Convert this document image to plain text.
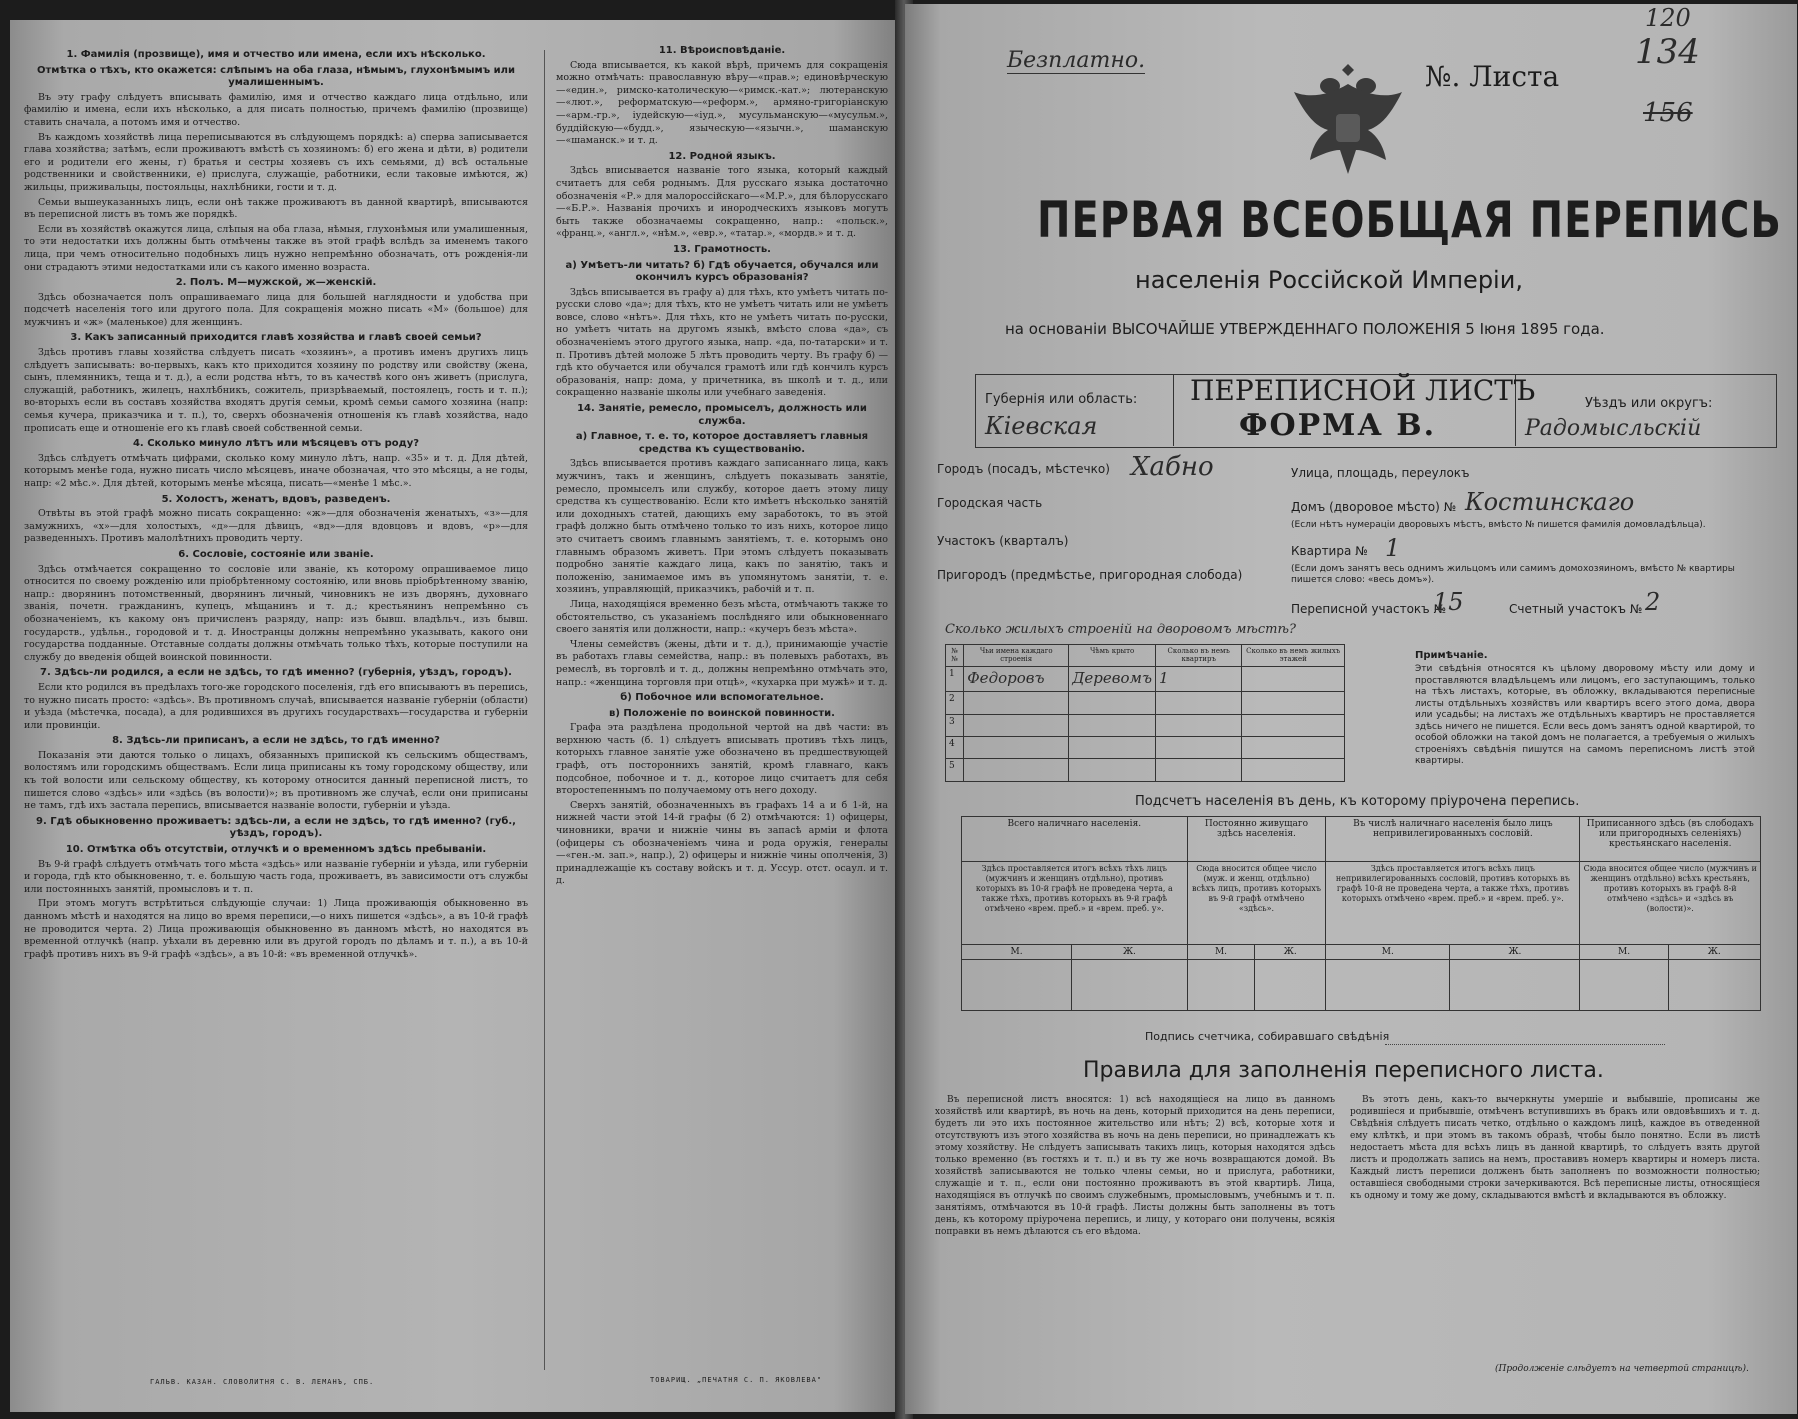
1. Фамилія (прозвище), имя и отчество или имена, если ихъ нѣсколько.
Отмѣтка о тѣхъ, кто окажется: слѣпымъ на оба глаза, нѣмымъ, глухонѣмымъ или умалишеннымъ.

Въ эту графу слѣдуетъ вписывать фамилію, имя и отчество каждаго лица отдѣльно, или фамилію и имена, если ихъ нѣсколько, а для писать полностью, причемъ фамилію (прозвище) ставить сначала, а потомъ имя и отчество.

Въ каждомъ хозяйствѣ лица переписываются въ слѣдующемъ порядкѣ: а) сперва записывается глава хозяйства; затѣмъ, если проживаютъ вмѣстѣ съ хозяиномъ: б) его жена и дѣти, в) родители его и родители его жены, г) братья и сестры хозяевъ съ ихъ семьями, д) всѣ остальные родственники и свойственники, е) прислуга, служащіе, работники, если таковые имѣются, ж) жильцы, приживальцы, постояльцы, нахлѣбники, гости и т. д.

Семьи вышеуказанныхъ лицъ, если онѣ также проживаютъ въ данной квартирѣ, вписываются въ переписной листъ въ томъ же порядкѣ.

Если въ хозяйствѣ окажутся лица, слѣпыя на оба глаза, нѣмыя, глухонѣмыя или умалишенныя, то эти недостатки ихъ должны быть отмѣчены также въ этой графѣ вслѣдъ за именемъ такого лица, при чемъ относительно подобныхъ лицъ нужно непремѣнно обозначать, отъ рожденія-ли они страдаютъ этими недостатками или съ какого именно возраста.

2. Полъ. М—мужской, ж—женскій.

Здѣсь обозначается полъ опрашиваемаго лица для большей наглядности и удобства при подсчетѣ населенія того или другого пола. Для сокращенія можно писать «М» (большое) для мужчинъ и «ж» (маленькое) для женщинъ.

3. Какъ записанный приходится главѣ хозяйства и главѣ своей семьи?

Здѣсь противъ главы хозяйства слѣдуетъ писать «хозяинъ», а противъ именъ другихъ лицъ слѣдуетъ записывать: во-первыхъ, какъ кто приходится хозяину по родству или свойству (жена, сынъ, племянникъ, теща и т. д.), а если родства нѣтъ, то въ качествѣ кого онъ живетъ (прислуга, служащій, работникъ, жилецъ, нахлѣбникъ, сожитель, призрѣваемый, постоялецъ, гость и т. п.); во-вторыхъ если въ составъ хозяйства входятъ другія семьи, кромѣ семьи самого хозяина (напр: семья кучера, приказчика и т. п.), то, сверхъ обозначенія отношенія къ главѣ хозяйства, надо прописать еще и отношеніе его къ главѣ своей собственной семьи.

4. Сколько минуло лѣтъ или мѣсяцевъ отъ роду?

Здѣсь слѣдуетъ отмѣчать цифрами, сколько кому минуло лѣтъ, напр. «35» и т. д. Для дѣтей, которымъ менѣе года, нужно писать число мѣсяцевъ, иначе обозначая, что это мѣсяцы, а не годы, напр: «2 мѣс.». Для дѣтей, которымъ менѣе мѣсяца, писать—«менѣе 1 мѣс.».

5. Холостъ, женатъ, вдовъ, разведенъ.

Отвѣты въ этой графѣ можно писать сокращенно: «ж»—для обозначенія женатыхъ, «з»—для замужнихъ, «х»—для холостыхъ, «д»—для дѣвицъ, «вд»—для вдовцовъ и вдовъ, «р»—для разведенныхъ. Противъ малолѣтнихъ проводить черту.

6. Сословіе, состояніе или званіе.

Здѣсь отмѣчается сокращенно то сословіе или званіе, къ которому опрашиваемое лицо относится по своему рожденію или пріобрѣтенному состоянію, или вновь пріобрѣтенному званію, напр.: дворянинъ потомственный, дворянинъ личный, чиновникъ не изъ дворянъ, духовнаго званія, почетн. гражданинъ, купецъ, мѣщанинъ и т. д.; крестьянинъ непремѣнно съ обозначеніемъ, къ какому онъ причисленъ разряду, напр: изъ бывш. владѣльч., изъ бывш. государств., удѣльн., городовой и т. д. Иностранцы должны непремѣнно указывать, какого они государства подданные. Отставные солдаты должны отмѣчать только тѣхъ, которые поступили на службу до введенія общей воинской повинности.

7. Здѣсь-ли родился, а если не здѣсь, то гдѣ именно? (губернія, уѣздъ, городъ).

Если кто родился въ предѣлахъ того-же городского поселенія, гдѣ его вписываютъ въ перепись, то нужно писать просто: «здѣсь». Въ противномъ случаѣ, вписывается названіе губерніи (области) и уѣзда (мѣстечка, посада), а для родившихся въ другихъ государствахъ—государства и губерніи или провинціи.

8. Здѣсь-ли приписанъ, а если не здѣсь, то гдѣ именно?

Показанія эти даются только о лицахъ, обязанныхъ припиской къ сельскимъ обществамъ, волостямъ или городскимъ обществамъ. Если лица приписаны къ тому городскому обществу, или къ той волости или сельскому обществу, къ которому относится данный переписной листъ, то пишется слово «здѣсь» или «здѣсь (въ волости)»; въ противномъ же случаѣ, если они приписаны не тамъ, гдѣ ихъ застала перепись, вписывается названіе волости, губерніи и уѣзда.

9. Гдѣ обыкновенно проживаетъ: здѣсь-ли, а если не здѣсь, то гдѣ именно? (губ., уѣздъ, городъ).
10. Отмѣтка объ отсутствіи, отлучкѣ и о временномъ здѣсь пребываніи.

Въ 9-й графѣ слѣдуетъ отмѣчать того мѣста «здѣсь» или названіе губерніи и уѣзда, или губерніи и города, гдѣ кто обыкновенно, т. е. большую часть года, проживаетъ, въ зависимости отъ службы или постоянныхъ занятій, промысловъ и т. п.

При этомъ могутъ встрѣтиться слѣдующіе случаи: 1) Лица проживающія обыкновенно въ данномъ мѣстѣ и находятся на лицо во время переписи,—о нихъ пишется «здѣсь», а въ 10-й графѣ не проводится черта. 2) Лица проживающія обыкновенно въ данномъ мѣстѣ, но находятся въ временной отлучкѣ (напр. уѣхали въ деревню или въ другой городъ по дѣламъ и т. п.), а въ 10-й графѣ противъ нихъ въ 9-й графѣ «здѣсь», а въ 10-й: «въ временной отлучкѣ».

11. Вѣроисповѣданіе.

Сюда вписывается, къ какой вѣрѣ, причемъ для сокращенія можно отмѣчать: православную вѣру—«прав.»; единовѣрческую—«един.», римско-католическую—«римск.-кат.»; лютеранскую—«лют.», реформатскую—«реформ.», армяно-григоріанскую—«арм.-гр.», іудейскую—«іуд.», мусульманскую—«мусульм.», буддійскую—«будд.», языческую—«язычн.», шаманскую—«шаманск.» и т. д.

12. Родной языкъ.

Здѣсь вписывается названіе того языка, который каждый считаетъ для себя роднымъ. Для русскаго языка достаточно обозначенія «Р.» для малороссійскаго—«М.Р.», для бѣлорусскаго—«Б.Р.». Названія прочихъ и инородческихъ языковъ могутъ быть также обозначаемы сокращенно, напр.: «польск.», «франц.», «англ.», «нѣм.», «евр.», «татар.», «мордв.» и т. д.

13. Грамотность.
а) Умѣетъ-ли читать? б) Гдѣ обучается, обучался или окончилъ курсъ образованія?

Здѣсь вписывается въ графу а) для тѣхъ, кто умѣетъ читать по-русски слово «да»; для тѣхъ, кто не умѣетъ читать или не умѣетъ вовсе, слово «нѣтъ». Для тѣхъ, кто не умѣетъ читать по-русски, но умѣетъ читать на другомъ языкѣ, вмѣсто слова «да», съ обозначеніемъ этого другого языка, напр. «да, по-татарски» и т. п. Противъ дѣтей моложе 5 лѣтъ проводить черту. Въ графу б) — гдѣ кто обучается или обучался грамотѣ или гдѣ кончилъ курсъ образованія, напр: дома, у причетника, въ школѣ и т. д., или сокращенно названіе школы или учебнаго заведенія.

14. Занятіе, ремесло, промыселъ, должность или служба.
а) Главное, т. е. то, которое доставляетъ главныя средства къ существованію.

Здѣсь вписывается противъ каждаго записаннаго лица, какъ мужчинъ, такъ и женщинъ, слѣдуетъ показывать занятіе, ремесло, промыселъ или службу, которое даетъ этому лицу средства къ существованію. Если кто имѣетъ нѣсколько занятій или доходныхъ статей, дающихъ ему заработокъ, то въ этой графѣ должно быть отмѣчено только то изъ нихъ, которое лицо это считаетъ своимъ главнымъ занятіемъ, т. е. которымъ оно главнымъ образомъ живетъ. При этомъ слѣдуетъ показывать подробно занятіе каждаго лица, какъ по занятію, такъ и положенію, занимаемое имъ въ упомянутомъ занятіи, т. е. хозяинъ, управляющій, приказчикъ, рабочій и т. п.

Лица, находящіяся временно безъ мѣста, отмѣчаютъ также то обстоятельство, съ указаніемъ послѣдняго или обыкновеннаго своего занятія или должности, напр.: «кучеръ безъ мѣста».

Члены семействъ (жены, дѣти и т. д.), принимающіе участіе въ работахъ главы семейства, напр.: въ полевыхъ работахъ, въ ремеслѣ, въ торговлѣ и т. д., должны непремѣнно отмѣчать это, напр.: «женщина торговля при отцѣ», «кухарка при мужѣ» и т. д.

б) Побочное или вспомогательное.
в) Положеніе по воинской повинности.

Графа эта раздѣлена продольной чертой на двѣ части: въ верхнюю часть (б. 1) слѣдуетъ вписывать противъ тѣхъ лицъ, которыхъ главное занятіе уже обозначено въ предшествующей графѣ, отъ постороннихъ занятій, кромѣ главнаго, какъ подсобное, побочное и т. д., которое лицо считаетъ для себя второстепеннымъ по получаемому отъ него доходу.

Сверхъ занятій, обозначенныхъ въ графахъ 14 а и б 1-й, на нижней части этой 14-й графы (б 2) отмѣчаются: 1) офицеры, чиновники, врачи и нижніе чины въ запасѣ арміи и флота (офицеры съ обозначеніемъ чина и рода оружія, генералы—«ген.-м. зап.», напр.), 2) офицеры и нижніе чины ополченія, 3) принадлежащіе къ составу войскъ и т. д. Уссур. отст. осаул. и т. д.

ГАЛЬВ. КАЗАН. СЛОВОЛИТНЯ С. В. ЛЕМАНЪ, СПБ.	ТОВАРИЩ. „ПЕЧАТНЯ С. П. ЯКОВЛЕВА"
Безплатно.	№. Листа
134
156
120
ПЕРВАЯ ВСЕОБЩАЯ ПЕРЕПИСЬ
населенія Россійской Имперіи,
на основаніи ВЫСОЧАЙШЕ УТВЕРЖДЕННАГО ПОЛОЖЕНІЯ 5 Іюня 1895 года.
Губернія или область:
Кіевская
ПЕРЕПИСНОЙ ЛИСТЪ
ФОРМА В.
Уѣздъ или округъ:
Радомысльскій
Городъ (посадъ, мѣстечко) Хабно
Городская часть
Участокъ (кварталъ)
Пригородъ (предмѣстье, пригородная слобода)
Улица, площадь, переулокъ
Домъ (дворовое мѣсто) № Костинскаго
(Если нѣтъ нумераціи дворовыхъ мѣстъ, вмѣсто № пишется фамилія домовладѣльца).
Квартира № 1
(Если домъ занятъ весь однимъ жильцомъ или самимъ домохозяиномъ, вмѣсто № квартиры пишется слово: «весь домъ»).
Переписной участокъ №
15	Счетный участокъ № 2
Сколько жилыхъ строеній на дворовомъ мѣстѣ?
№№	Чьи имена каждаго строенія	Чѣмъ крыто	Сколько въ немъ квартиръ	Сколько въ немъ жилыхъ этажей
1	Федоровъ	Деревомъ	1	
2				
3				
4				
5				
Примѣчаніе.
Эти свѣдѣнія относятся къ цѣлому дворовому мѣсту или дому и проставляются владѣльцемъ или лицомъ, его заступающимъ, только на тѣхъ листахъ, которые, въ обложку, вкладываются переписные листы отдѣльныхъ хозяйствъ или квартиръ всего этого дома, двора или усадьбы; на листахъ же отдѣльныхъ квартиръ не проставляется здѣсь ничего не пишется. Если весь домъ занятъ одной квартирой, то особой обложки на такой домъ не полагается, а требуемыя о жилыхъ строеніяхъ свѣдѣнія пишутся на самомъ переписномъ листѣ этой квартиры.
Подсчетъ населенія въ день, къ которому пріурочена перепись.
Всего наличнаго населенія.		Постоянно живущаго здѣсь населенія.		Въ числѣ наличнаго населенія было лицъ непривилегированныхъ сословій.		Приписанного здѣсь (въ слободахъ или пригородныхъ селеніяхъ) крестьянскаго населенія.	
Здѣсь проставляется итогъ всѣхъ тѣхъ лицъ (мужчинъ и женщинъ отдѣльно), противъ которыхъ въ 10-й графѣ не проведена черта, а также тѣхъ, противъ которыхъ въ 9-й графѣ отмѣчено «врем. преб.» и «врем. преб. у».		Сюда вносится общее число (муж. и женщ. отдѣльно) всѣхъ лицъ, противъ которыхъ въ 9-й графѣ отмѣчено «здѣсь».		Здѣсь проставляется итогъ всѣхъ лицъ непривилегированныхъ сословій, противъ которыхъ въ графѣ 10-й не проведена черта, а также тѣхъ, противъ которыхъ отмѣчено «врем. преб.» и «врем. преб. у».		Сюда вносится общее число (мужчинъ и женщинъ отдѣльно) всѣхъ крестьянъ, противъ которыхъ въ графѣ 8-й отмѣчено «здѣсь» и «здѣсь въ (волости)».	
М.	Ж.	М.	Ж.	М.	Ж.	М.	Ж.

Подпись счетчика, собиравшаго свѣдѣнія
Правила для заполненія переписного листа.

Въ переписной листъ вносятся: 1) всѣ находящіеся на лицо въ данномъ хозяйствѣ или квартирѣ, въ ночь на день, который приходится на день переписи, будетъ ли это ихъ постоянное жительство или нѣтъ; 2) всѣ, которые хотя и отсутствуютъ изъ этого хозяйства въ ночь на день переписи, но принадлежатъ къ этому хозяйству. Не слѣдуетъ записывать такихъ лицъ, которыя находятся здѣсь только временно (въ гостяхъ и т. п.) и въ ту же ночь возвращаются домой. Въ хозяйствѣ записываются не только члены семьи, но и прислуга, работники, служащіе и т. п., если они постоянно проживаютъ въ этой квартирѣ. Лица, находящіяся въ отлучкѣ по своимъ служебнымъ, промысловымъ, учебнымъ и т. п. занятіямъ, отмѣчаются въ 10-й графѣ. Листы должны быть заполнены въ тотъ день, къ которому пріурочена перепись, и лицу, у котораго они получены, всякія поправки въ немъ дѣлаются съ его вѣдома.

Въ этотъ день, какъ-то вычеркнуты умершіе и выбывшіе, прописаны же родившіеся и прибывшіе, отмѣченъ вступившихъ въ бракъ или овдовѣвшихъ и т. д. Свѣдѣнія слѣдуетъ писать четко, отдѣльно о каждомъ лицѣ, каждое въ отведенной ему клѣткѣ, и при этомъ въ такомъ образѣ, чтобы было понятно. Если въ листѣ недостаетъ мѣста для всѣхъ лицъ въ данной квартирѣ, то слѣдуетъ взять другой листъ и продолжать запись на немъ, проставивъ номеръ квартиры и номеръ листа. Каждый листъ переписи долженъ быть заполненъ по возможности полностью; оставшіеся свободными строки зачеркиваются. Всѣ переписные листы, относящіеся къ одному и тому же дому, складываются вмѣстѣ и вкладываются въ обложку.

(Продолженіе слѣдуетъ на четвертой страницѣ).
